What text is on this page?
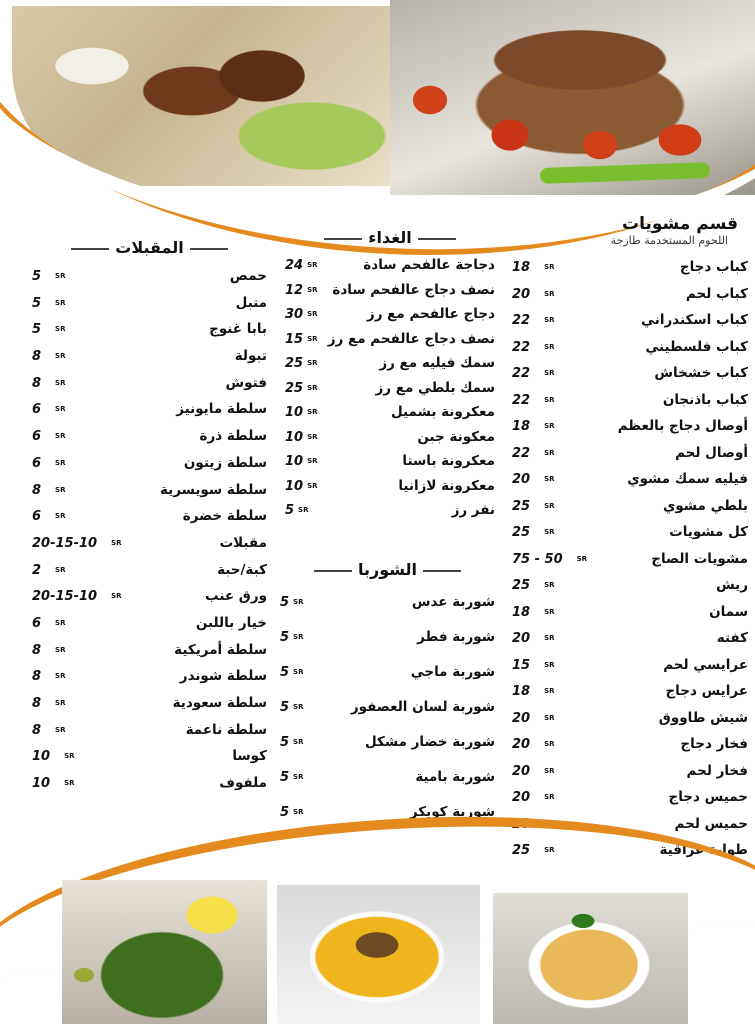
قسم مشويات
اللحوم المستخدمة طازجة
كباب دجاج
18 SR
كباب لحم
20 SR
كباب اسكندراني
22 SR
كباب فلسطيني
22 SR
كباب خشخاش
22 SR
كباب باذنجان
22 SR
أوصال دجاج بالعظم
18 SR
أوصال لحم
22 SR
فيليه سمك مشوي
20 SR
بلطي مشوي
25 SR
كل مشويات
25 SR
مشويات الصاج
75 - 50 SR
ريش
25 SR
سمان
18 SR
كفته
20 SR
عرايسي لحم
15 SR
عرايس دجاج
18 SR
شيش طاووق
20 SR
فخار دجاج
20 SR
فخار لحم
20 SR
حميس دجاج
20 SR
حميس لحم
20 SR
طواية عراقية
25 SR
الغداء
دجاجة عالفحم سادة
24 SR
نصف دجاج عالفحم سادة
12 SR
دجاج عالفحم مع رز
30 SR
نصف دجاج عالفحم مع رز
15 SR
سمك فيليه مع رز
25 SR
سمك بلطي مع رز
25 SR
معكرونة بشميل
10 SR
معكونة جبن
10 SR
معكرونة باستا
10 SR
معكرونة لازانيا
10 SR
نفر رز
5 SR
الشوربا
شوربة عدس
5 SR
شوربة فطر
5 SR
شوربة ماجي
5 SR
شوربة لسان العصفور
5 SR
شوربة خضار مشكل
5 SR
شوربة بامية
5 SR
شوربة كويكر
5 SR
المقبلات
حمص
5 SR
متبل
5 SR
بابا غنوج
5 SR
تبولة
8 SR
فتوش
8 SR
سلطة مايونيز
6 SR
سلطة ذرة
6 SR
سلطة زيتون
6 SR
سلطة سويسرية
8 SR
سلطة خضرة
6 SR
مقبلات
20-15-10 SR
كبة/حبة
2 SR
ورق عنب
20-15-10 SR
خيار باللبن
6 SR
سلطة أمريكية
8 SR
سلطة شوندر
8 SR
سلطة سعودية
8 SR
سلطة ناعمة
8 SR
كوسا
10 SR
ملفوف
10 SR
